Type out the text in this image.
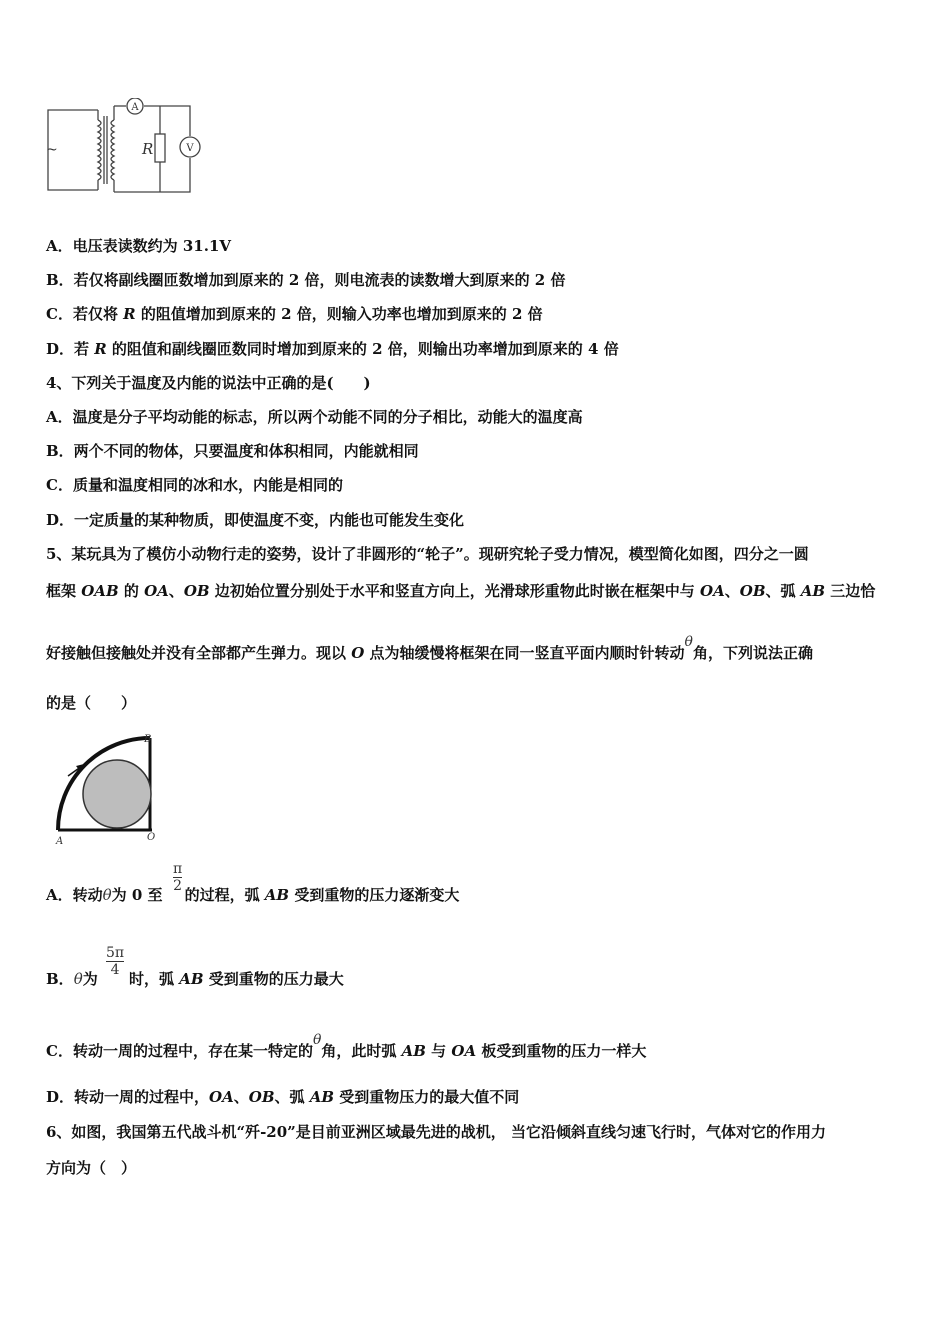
A
V
R
~
A．电压表读数约为 31.1V
B．若仅将副线圈匝数增加到原来的 2 倍，则电流表的读数增大到原来的 2 倍
C．若仅将 R 的阻值增加到原来的 2 倍，则输入功率也增加到原来的 2 倍
D．若 R 的阻值和副线圈匝数同时增加到原来的 2 倍，则输出功率增加到原来的 4 倍
4、下列关于温度及内能的说法中正确的是(　　)
A．温度是分子平均动能的标志，所以两个动能不同的分子相比，动能大的温度高
B．两个不同的物体，只要温度和体积相同，内能就相同
C．质量和温度相同的冰和水，内能是相同的
D．一定质量的某种物质，即使温度不变，内能也可能发生变化
5、某玩具为了模仿小动物行走的姿势，设计了非圆形的“轮子”。现研究轮子受力情况，模型简化如图，四分之一圆
框架 OAB 的 OA、OB 边初始位置分别处于水平和竖直方向上，光滑球形重物此时嵌在框架中与 OA、OB、弧 AB 三边恰
好接触但接触处并没有全部都产生弹力。现以 O 点为轴缓慢将框架在同一竖直平面内顺时针转动θ角，下列说法正确
的是（　　）
B
A	O
A．转动θ为 0 至 的过程，弧 AB 受到重物的压力逐渐变大
$\frac{\pi}{2}$
B．θ为 时，弧 AB 受到重物的压力最大
$\frac{5\pi}{4}$
C．转动一周的过程中，存在某一特定的θ角，此时弧 AB 与 OA 板受到重物的压力一样大
D．转动一周的过程中，OA、OB、弧 AB 受到重物压力的最大值不同
6、如图，我国第五代战斗机“歼-20”是目前亚洲区域最先进的战机， 当它沿倾斜直线匀速飞行时，气体对它的作用力
方向为（　）
